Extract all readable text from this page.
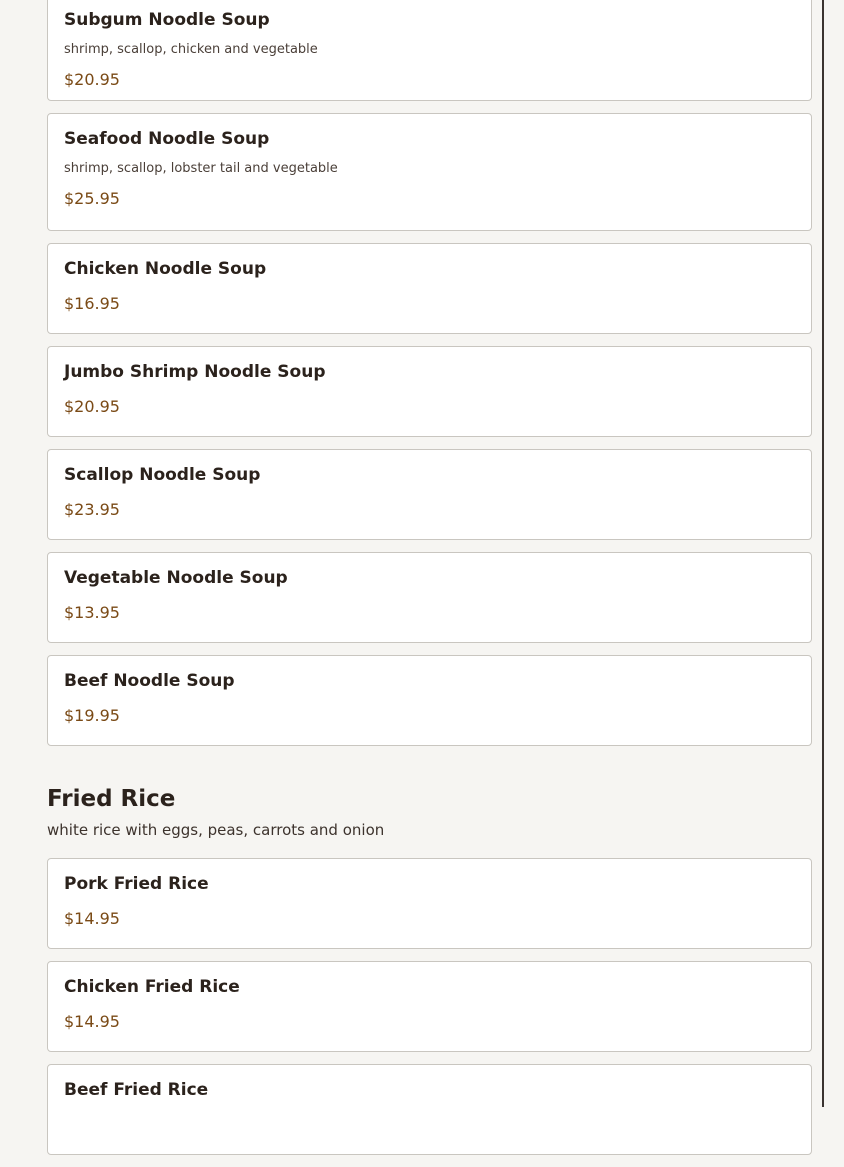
Subgum Noodle Soup
shrimp, scallop, chicken and vegetable
$20.95
Seafood Noodle Soup
shrimp, scallop, lobster tail and vegetable
$25.95
Chicken Noodle Soup
$16.95
Jumbo Shrimp Noodle Soup
$20.95
Scallop Noodle Soup
$23.95
Vegetable Noodle Soup
$13.95
Beef Noodle Soup
$19.95
Fried Rice
white rice with eggs, peas, carrots and onion
Pork Fried Rice
$14.95
Chicken Fried Rice
$14.95
Beef Fried Rice
